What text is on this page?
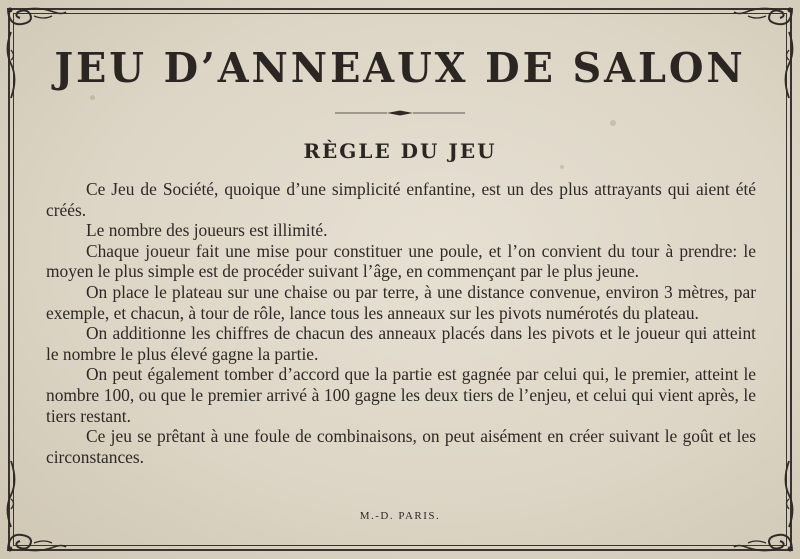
JEU D’ANNEAUX DE SALON
RÈGLE DU JEU

Ce Jeu de Société, quoique d’une simplicité enfantine, est un des plus attrayants qui aient été créés.

Le nombre des joueurs est illimité.

Chaque joueur fait une mise pour constituer une poule, et l’on convient du tour à prendre: le moyen le plus simple est de procéder suivant l’âge, en commençant par le plus jeune.

On place le plateau sur une chaise ou par terre, à une distance convenue, environ 3 mètres, par exemple, et chacun, à tour de rôle, lance tous les anneaux sur les pivots numérotés du plateau.

On additionne les chiffres de chacun des anneaux placés dans les pivots et le joueur qui atteint le nombre le plus élevé gagne la partie.

On peut également tomber d’accord que la partie est gagnée par celui qui, le premier, atteint le nombre 100, ou que le premier arrivé à 100 gagne les deux tiers de l’enjeu, et celui qui vient après, le tiers restant.

Ce jeu se prêtant à une foule de combinaisons, on peut aisément en créer suivant le goût et les circonstances.

M.-D. PARIS.
